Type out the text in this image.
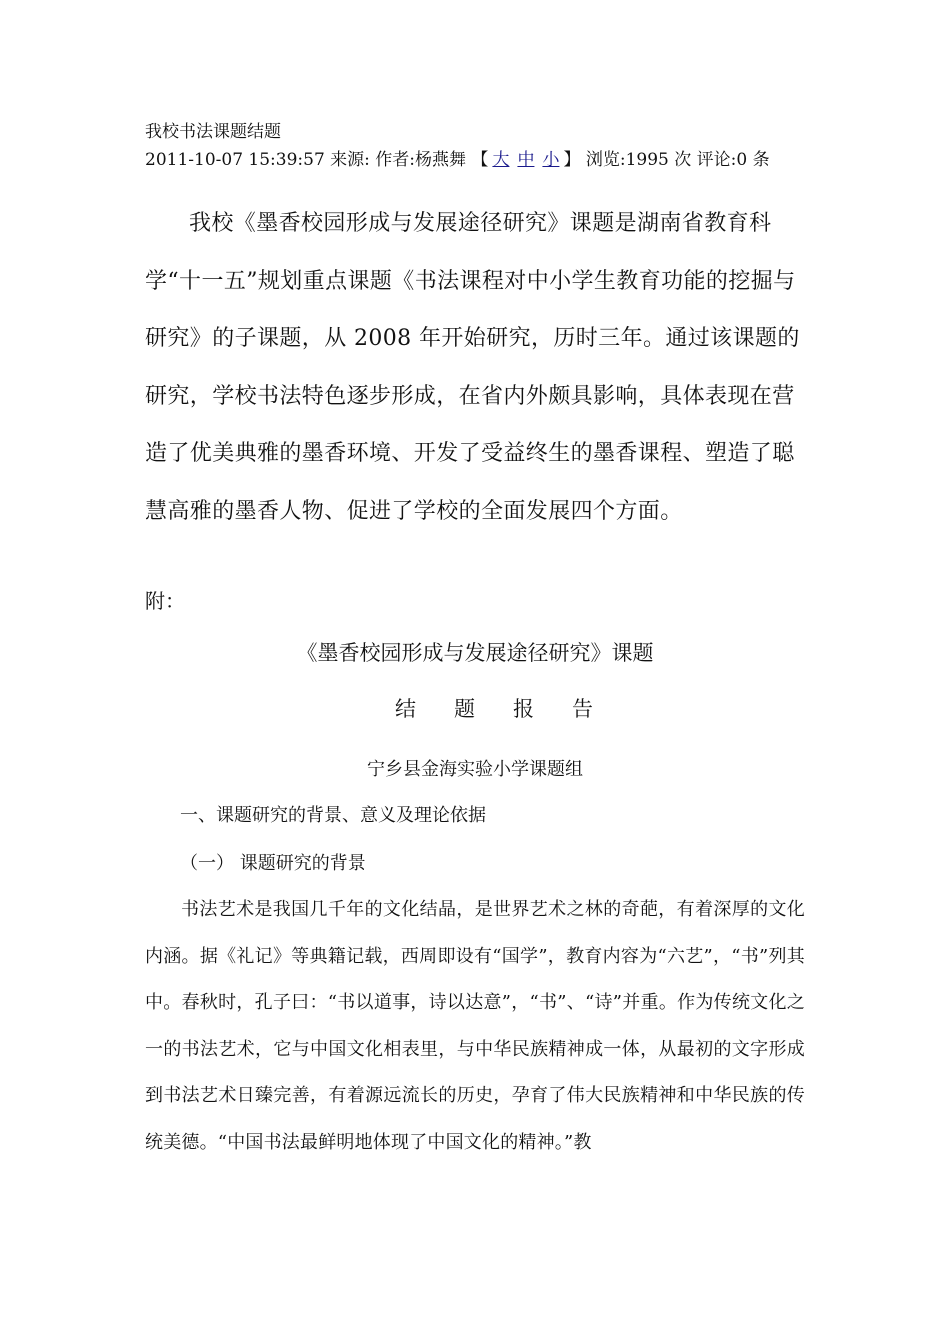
我校书法课题结题
2011-10-07 15:39:57 来源: 作者:杨燕舞 【 大 中 小 】 浏览:1995 次 评论:0 条
我校《墨香校园形成与发展途径研究》课题是湖南省教育科学“十一五”规划重点课题《书法课程对中小学生教育功能的挖掘与研究》的子课题，从 2008 年开始研究，历时三年。通过该课题的研究，学校书法特色逐步形成，在省内外颇具影响，具体表现在营造了优美典雅的墨香环境、开发了受益终生的墨香课程、塑造了聪慧高雅的墨香人物、促进了学校的全面发展四个方面。
附：
《墨香校园形成与发展途径研究》课题
结题报告
宁乡县金海实验小学课题组
一、课题研究的背景、意义及理论依据
（一） 课题研究的背景
书法艺术是我国几千年的文化结晶，是世界艺术之林的奇葩，有着深厚的文化内涵。据《礼记》等典籍记载，西周即设有“国学”，教育内容为“六艺”，“书”列其中。春秋时，孔子曰：“书以道事，诗以达意”，“书”、“诗”并重。作为传统文化之一的书法艺术，它与中国文化相表里，与中华民族精神成一体，从最初的文字形成到书法艺术日臻完善，有着源远流长的历史，孕育了伟大民族精神和中华民族的传统美德。“中国书法最鲜明地体现了中国文化的精神。”教
